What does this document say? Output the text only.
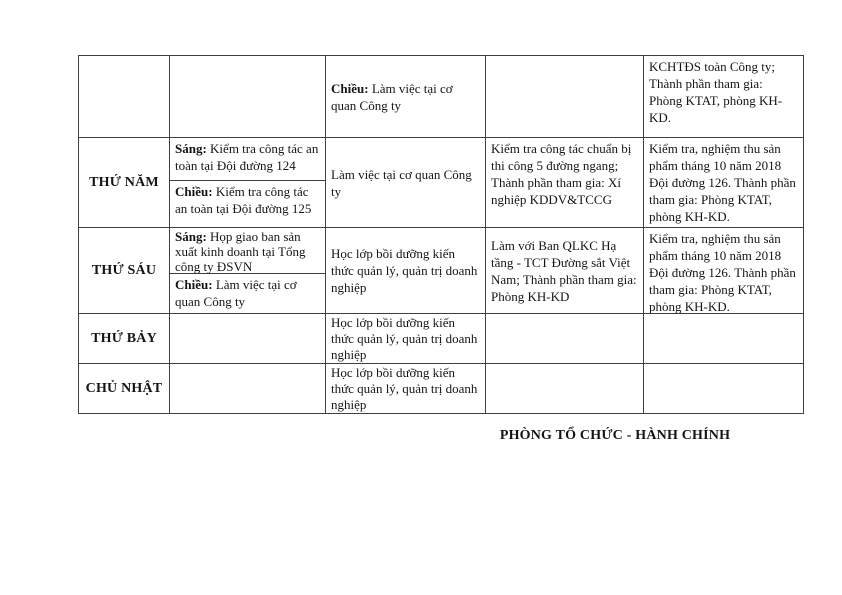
Chiều: Làm việc tại cơ quan Công ty
KCHTĐS toàn Công ty; Thành phần tham gia: Phòng KTAT, phòng KH-KD.
THỨ NĂM
Sáng: Kiểm tra công tác an toàn tại Đội đường 124
Chiều: Kiểm tra công tác an toàn tại Đội đường 125
Làm việc tại cơ quan Công ty
Kiểm tra công tác chuẩn bị thi công 5 đường ngang; Thành phần tham gia: Xí nghiệp KDDV&TCCG
Kiểm tra, nghiệm thu sản phẩm tháng 10 năm 2018 Đội đường 126. Thành phần tham gia: Phòng KTAT, phòng KH-KD.
THỨ SÁU
Sáng: Họp giao ban sản xuất kinh doanh tại Tổng công ty ĐSVN
Chiều: Làm việc tại cơ quan Công ty
Học lớp bồi dưỡng kiến thức quản lý, quản trị doanh nghiệp
Làm với Ban QLKC Hạ tầng - TCT Đường sắt Việt Nam; Thành phần tham gia: Phòng KH-KD
Kiểm tra, nghiệm thu sản phẩm tháng 10 năm 2018 Đội đường 126. Thành phần tham gia: Phòng KTAT, phòng KH-KD.
THỨ BẢY
Học lớp bồi dưỡng kiến thức quản lý, quản trị doanh nghiệp
CHỦ NHẬT
Học lớp bồi dưỡng kiến thức quản lý, quản trị doanh nghiệp
PHÒNG TỔ CHỨC - HÀNH CHÍNH
